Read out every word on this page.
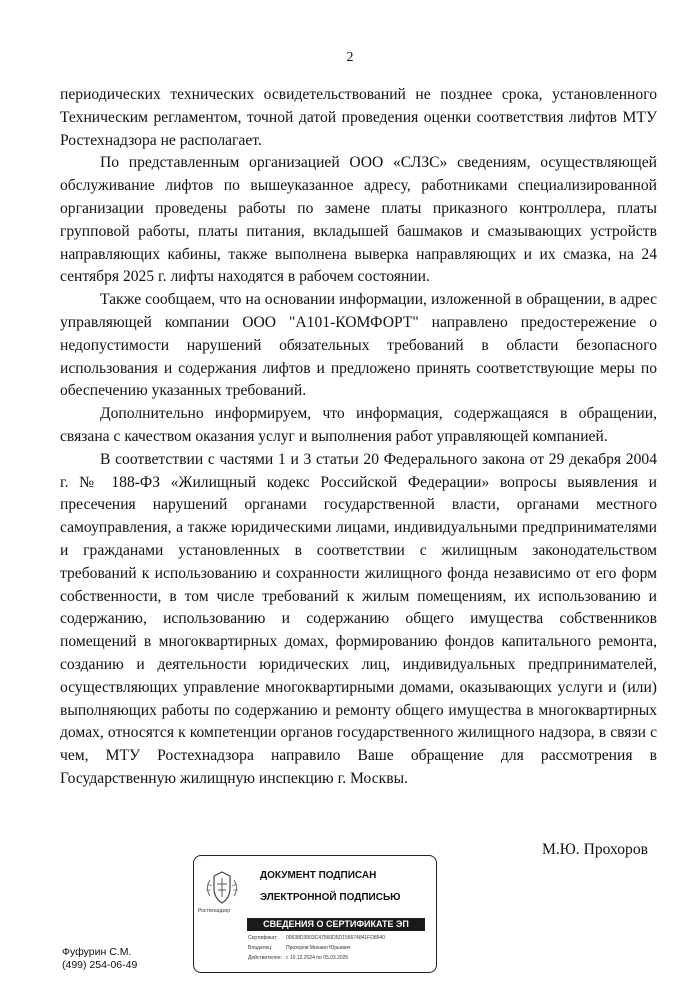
2

периодических технических освидетельствований не позднее срока, установленного Техническим регламентом, точной датой проведения оценки соответствия лифтов МТУ Ростехнадзора не располагает.

По представленным организацией ООО «СЛЗС» сведениям, осуществляющей обслуживание лифтов по вышеуказанное адресу, работниками специализированной организации проведены работы по замене платы приказного контроллера, платы групповой работы, платы питания, вкладышей башмаков и смазывающих устройств направляющих кабины, также выполнена выверка направляющих и их смазка, на 24 сентября 2025 г. лифты находятся в рабочем состоянии.

Также сообщаем, что на основании информации, изложенной в обращении, в адрес управляющей компании ООО "А101-КОМФОРТ" направлено предостережение о недопустимости нарушений обязательных требований в области безопасного использования и содержания лифтов и предложено принять соответствующие меры по обеспечению указанных требований.

Дополнительно информируем, что информация, содержащаяся в обращении, связана с качеством оказания услуг и выполнения работ управляющей компанией.

В соответствии с частями 1 и 3 статьи 20 Федерального закона от 29 декабря 2004 г. № 188-ФЗ «Жилищный кодекс Российской Федерации» вопросы выявления и пресечения нарушений органами государственной власти, органами местного самоуправления, а также юридическими лицами, индивидуальными предпринимателями и гражданами установленных в соответствии с жилищным законодательством требований к использованию и сохранности жилищного фонда независимо от его форм собственности, в том числе требований к жилым помещениям, их использованию и содержанию, использованию и содержанию общего имущества собственников помещений в многоквартирных домах, формированию фондов капитального ремонта, созданию и деятельности юридических лиц, индивидуальных предпринимателей, осуществляющих управление многоквартирными домами, оказывающих услуги и (или) выполняющих работы по содержанию и ремонту общего имущества в многоквартирных домах, относятся к компетенции органов государственного жилищного надзора, в связи с чем, МТУ Ростехнадзора направило Ваше обращение для рассмотрения в Государственную жилищную инспекцию г. Москвы.

М.Ю. Прохоров
Ростехнадзор
ДОКУМЕНТ ПОДПИСАН
ЭЛЕКТРОННОЙ ПОДПИСЬЮ
СВЕДЕНИЯ О СЕРТИФИКАТЕ ЭП
Сертификат: 00638D3903C47560D5D156674841FD8540
Владелец:	Прохоров Михаил Юрьевич
Действителен: с 10.12.2024 по 05.03.2026
Фуфурин С.М.
(499) 254-06-49
